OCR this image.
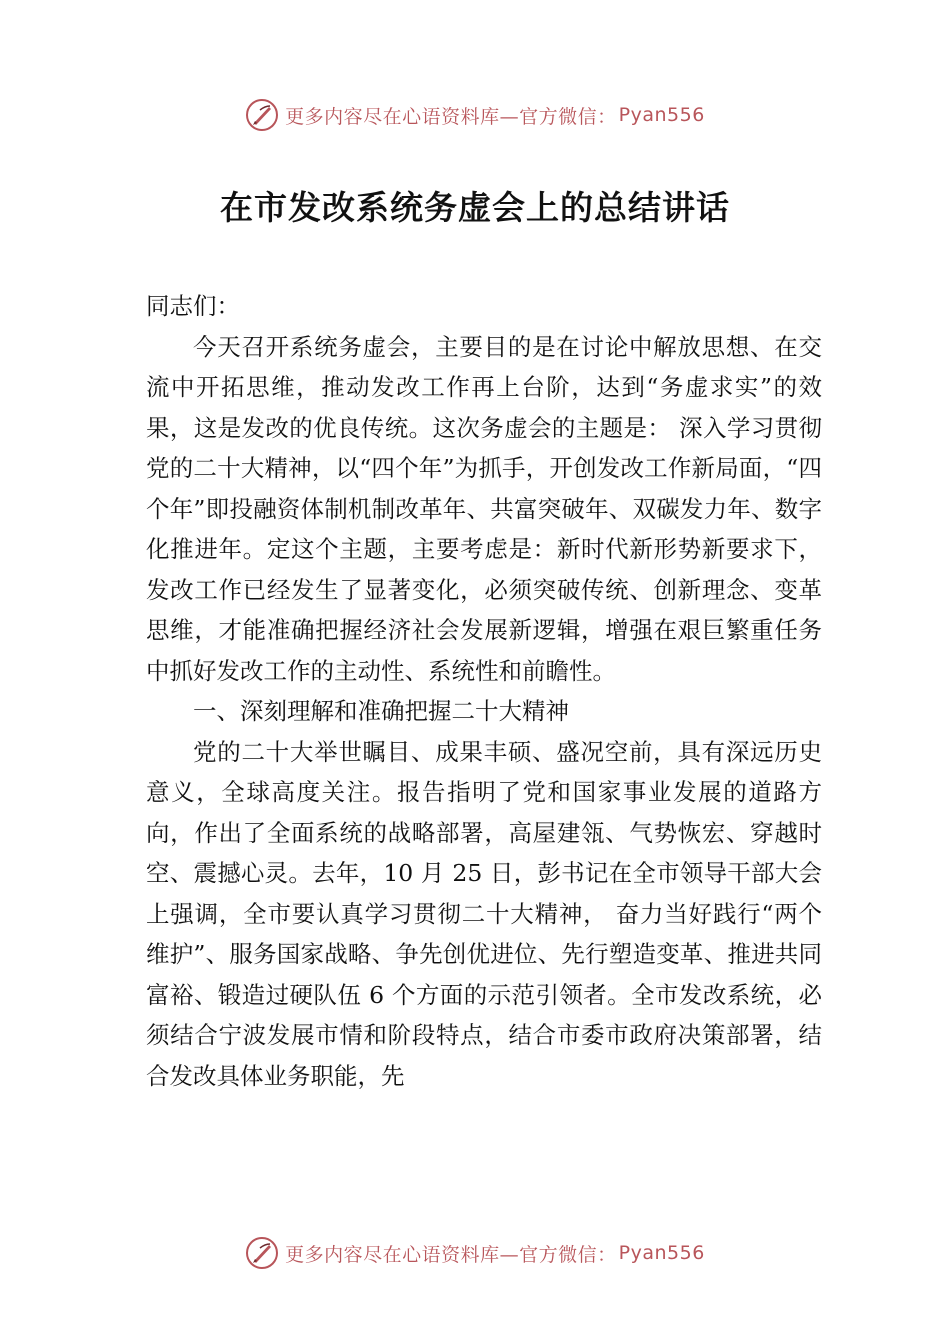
更多内容尽在心语资料库—官方微信： Pyan556
在市发改系统务虚会上的总结讲话

同志们：

今天召开系统务虚会，主要目的是在讨论中解放思想、在交流中开拓思维，推动发改工作再上台阶，达到“务虚求实”的效果，这是发改的优良传统。这次务虚会的主题是： 深入学习贯彻党的二十大精神，以“四个年”为抓手，开创发改工作新局面，“四个年”即投融资体制机制改革年、共富突破年、双碳发力年、数字化推进年。定这个主题，主要考虑是：新时代新形势新要求下，发改工作已经发生了显著变化，必须突破传统、创新理念、变革思维，才能准确把握经济社会发展新逻辑，增强在艰巨繁重任务中抓好发改工作的主动性、系统性和前瞻性。

一、深刻理解和准确把握二十大精神

党的二十大举世瞩目、成果丰硕、盛况空前，具有深远历史意义，全球高度关注。报告指明了党和国家事业发展的道路方向，作出了全面系统的战略部署，高屋建瓴、气势恢宏、穿越时空、震撼心灵。去年，10 月 25 日，彭书记在全市领导干部大会上强调，全市要认真学习贯彻二十大精神， 奋力当好践行“两个维护”、服务国家战略、争先创优进位、先行塑造变革、推进共同富裕、锻造过硬队伍 6 个方面的示范引领者。全市发改系统，必须结合宁波发展市情和阶段特点，结合市委市政府决策部署，结合发改具体业务职能，先

更多内容尽在心语资料库—官方微信： Pyan556
